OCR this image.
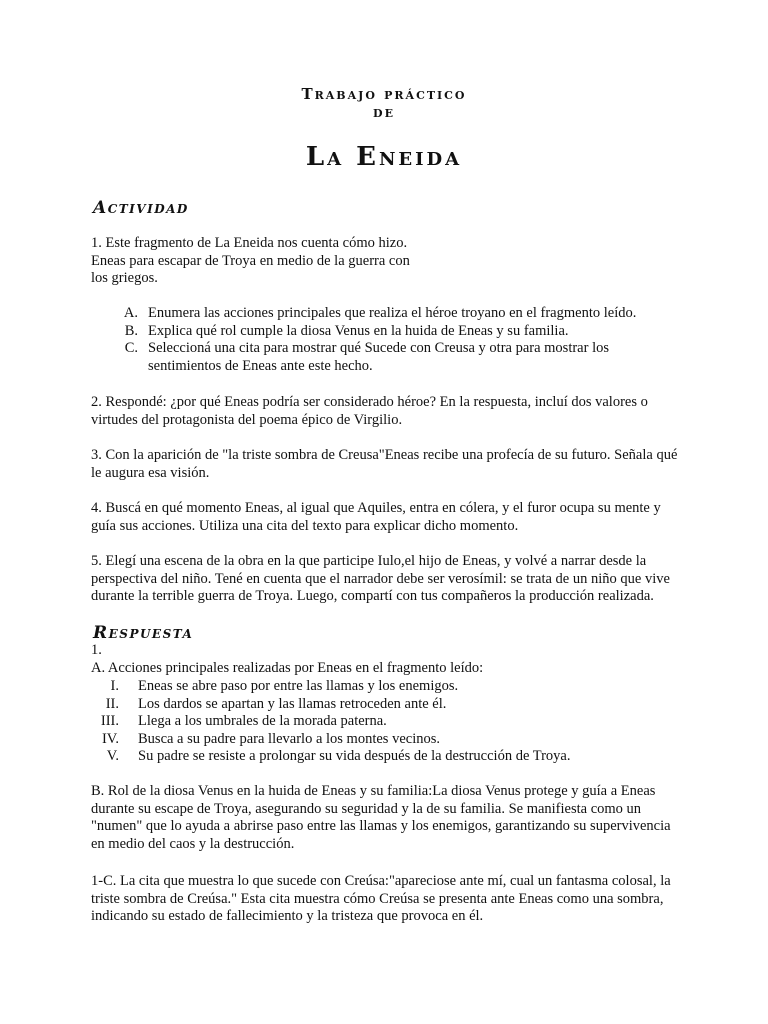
Trabajo práctico
de
La Eneida
Actividad

1. Este fragmento de La Eneida nos cuenta cómo hizo. Eneas para escapar de Troya en medio de la guerra con los griegos.

A. Enumera las acciones principales que realiza el héroe troyano en el fragmento leído.
B. Explica qué rol cumple la diosa Venus en la huida de Eneas y su familia.
C. Seleccioná una cita para mostrar qué Sucede con Creusa y otra para mostrar los sentimientos de Eneas ante este hecho.

2. Respondé: ¿por qué Eneas podría ser considerado héroe? En la respuesta, incluí dos valores o virtudes del protagonista del poema épico de Virgilio.

3. Con la aparición de "la triste sombra de Creusa"Eneas recibe una profecía de su futuro. Señala qué le augura esa visión.

4. Buscá en qué momento Eneas, al igual que Aquiles, entra en cólera, y el furor ocupa su mente y guía sus acciones. Utiliza una cita del texto para explicar dicho momento.

5. Elegí una escena de la obra en la que participe Iulo,el hijo de Eneas, y volvé a narrar desde la perspectiva del niño. Tené en cuenta que el narrador debe ser verosímil: se trata de un niño que vive durante la terrible guerra de Troya. Luego, compartí con tus compañeros la producción realizada.

Respuesta

1.

A. Acciones principales realizadas por Eneas en el fragmento leído:

I. Eneas se abre paso por entre las llamas y los enemigos.
II. Los dardos se apartan y las llamas retroceden ante él.
III. Llega a los umbrales de la morada paterna.
IV. Busca a su padre para llevarlo a los montes vecinos.
V. Su padre se resiste a prolongar su vida después de la destrucción de Troya.

B. Rol de la diosa Venus en la huida de Eneas y su familia:La diosa Venus protege y guía a Eneas durante su escape de Troya, asegurando su seguridad y la de su familia. Se manifiesta como un "numen" que lo ayuda a abrirse paso entre las llamas y los enemigos, garantizando su supervivencia en medio del caos y la destrucción.

1-C. La cita que muestra lo que sucede con Creúsa:"apareciose ante mí, cual un fantasma colosal, la triste sombra de Creúsa." Esta cita muestra cómo Creúsa se presenta ante Eneas como una sombra, indicando su estado de fallecimiento y la tristeza que provoca en él.
